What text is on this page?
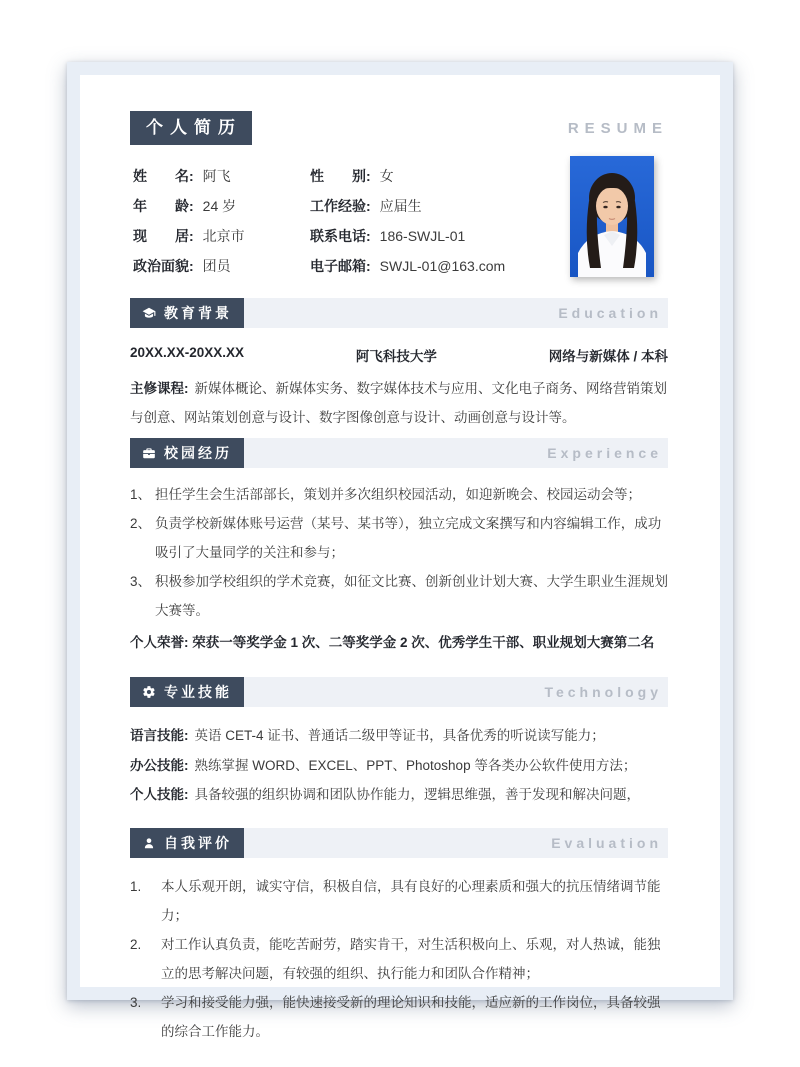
个人简历	RESUME
姓　　名: 阿飞
年　　龄: 24 岁
现　　居: 北京市
政治面貌: 团员
性　　别: 女
工作经验: 应届生
联系电话: 186-SWJL-01
电子邮箱: SWJL-01@163.com
教育背景	Education
20XX.XX-20XX.XX	阿飞科技大学	网络与新媒体 / 本科

主修课程: 新媒体概论、新媒体实务、数字媒体技术与应用、文化电子商务、网络营销策划与创意、网站策划创意与设计、数字图像创意与设计、动画创意与设计等。

校园经历	Experience
1、 担任学生会生活部部长，策划并多次组织校园活动，如迎新晚会、校园运动会等；
2、 负责学校新媒体账号运营（某号、某书等），独立完成文案撰写和内容编辑工作，成功吸引了大量同学的关注和参与；
3、 积极参加学校组织的学术竞赛，如征文比赛、创新创业计划大赛、大学生职业生涯规划大赛等。

个人荣誉: 荣获一等奖学金 1 次、二等奖学金 2 次、优秀学生干部、职业规划大赛第二名

专业技能	Technology

语言技能: 英语 CET-4 证书、普通话二级甲等证书，具备优秀的听说读写能力；

办公技能: 熟练掌握 WORD、EXCEL、PPT、Photoshop 等各类办公软件使用方法；

个人技能: 具备较强的组织协调和团队协作能力，逻辑思维强，善于发现和解决问题，

自我评价	Evaluation
1.	本人乐观开朗，诚实守信，积极自信，具有良好的心理素质和强大的抗压情绪调节能力；
2.	对工作认真负责，能吃苦耐劳，踏实肯干，对生活积极向上、乐观，对人热诚，能独立的思考解决问题，有较强的组织、执行能力和团队合作精神；
3.	学习和接受能力强，能快速接受新的理论知识和技能，适应新的工作岗位，具备较强的综合工作能力。
